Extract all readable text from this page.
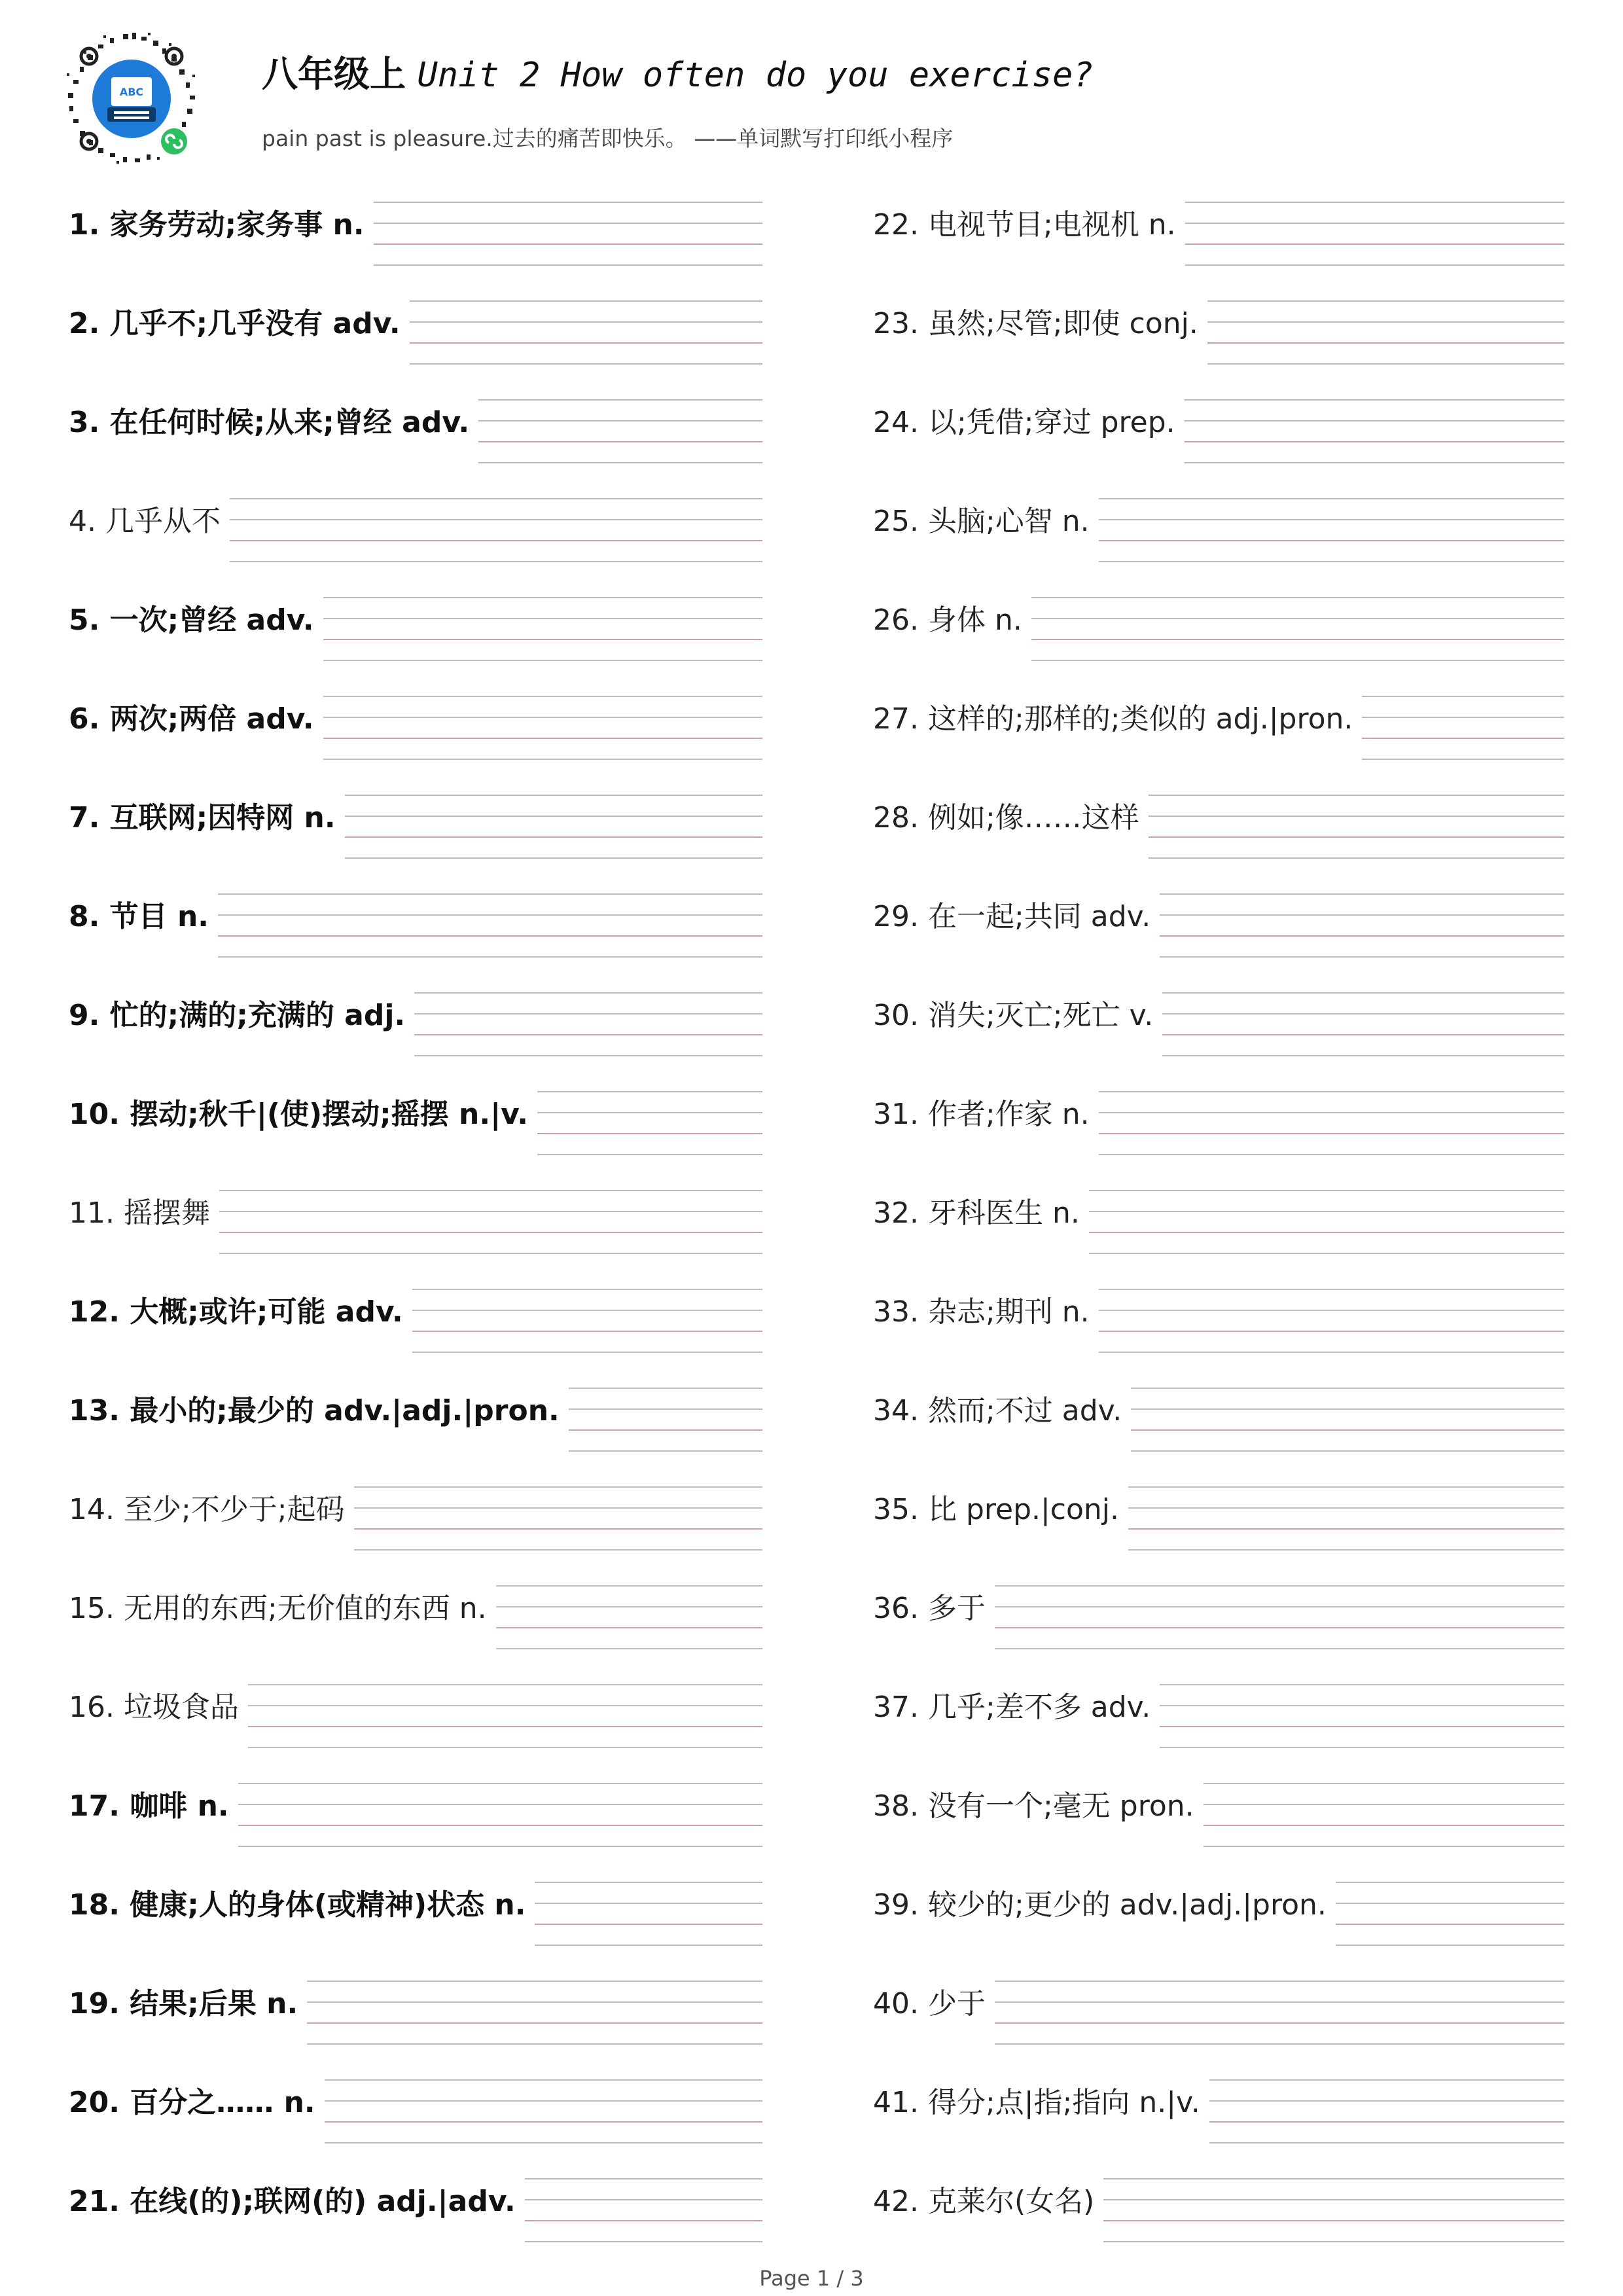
ABC	八年级上 Unit 2 How often do you exercise?
pain past is pleasure.过去的痛苦即快乐。 ——单词默写打印纸小程序
1. 家务劳动;家务事 n.
2. 几乎不;几乎没有 adv.
3. 在任何时候;从来;曾经 adv.
4. 几乎从不
5. 一次;曾经 adv.
6. 两次;两倍 adv.
7. 互联网;因特网 n.
8. 节目 n.
9. 忙的;满的;充满的 adj.
10. 摆动;秋千|(使)摆动;摇摆 n.|v.
11. 摇摆舞
12. 大概;或许;可能 adv.
13. 最小的;最少的 adv.|adj.|pron.
14. 至少;不少于;起码
15. 无用的东西;无价值的东西 n.
16. 垃圾食品
17. 咖啡 n.
18. 健康;人的身体(或精神)状态 n.
19. 结果;后果 n.
20. 百分之…… n.
21. 在线(的);联网(的) adj.|adv.
22. 电视节目;电视机 n.
23. 虽然;尽管;即使 conj.
24. 以;凭借;穿过 prep.
25. 头脑;心智 n.
26. 身体 n.
27. 这样的;那样的;类似的 adj.|pron.
28. 例如;像……这样
29. 在一起;共同 adv.
30. 消失;灭亡;死亡 v.
31. 作者;作家 n.
32. 牙科医生 n.
33. 杂志;期刊 n.
34. 然而;不过 adv.
35. 比 prep.|conj.
36. 多于
37. 几乎;差不多 adv.
38. 没有一个;毫无 pron.
39. 较少的;更少的 adv.|adj.|pron.
40. 少于
41. 得分;点|指;指向 n.|v.
42. 克莱尔(女名)
Page 1 / 3
